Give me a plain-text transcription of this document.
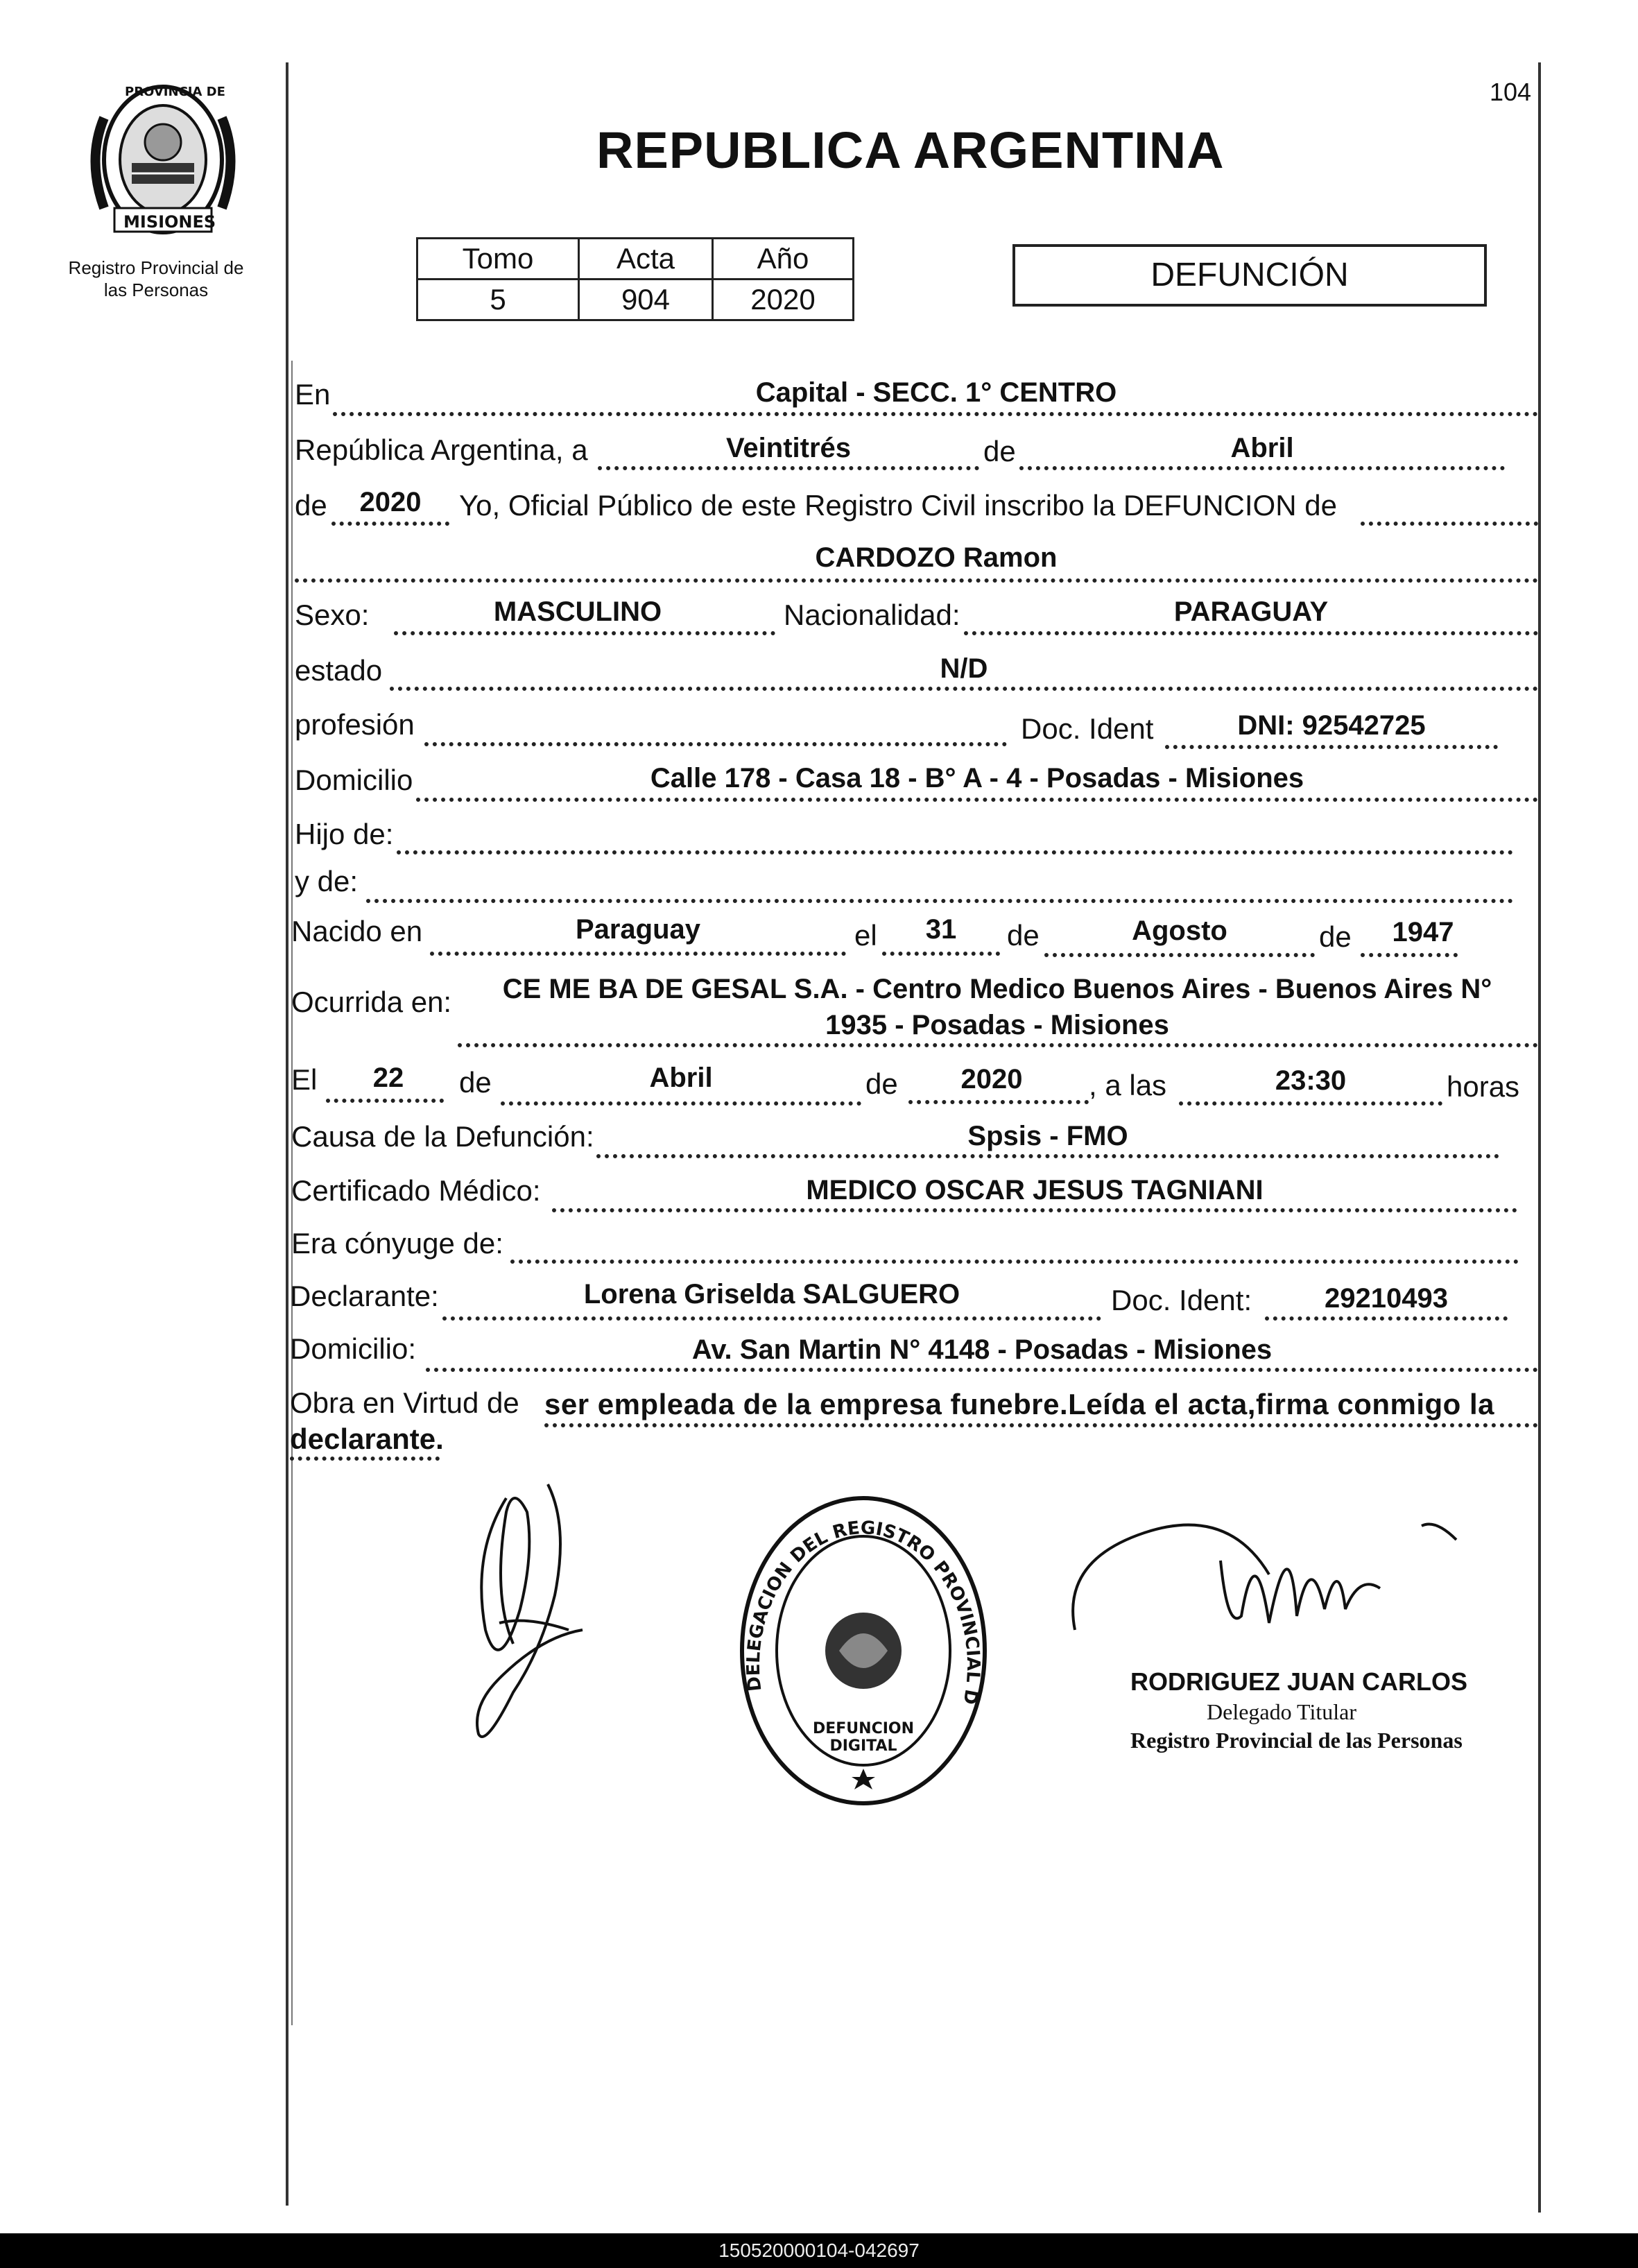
PROVINCIA DE
MISIONES
Registro Provincial de
las Personas
104
REPUBLICA ARGENTINA
Tomo	Acta	Año
5	904	2020
DEFUNCIÓN
En	Capital - SECC. 1° CENTRO
República Argentina, a	Veintitrés	de	Abril
de	2020	Yo, Oficial Público de este Registro Civil inscribo la DEFUNCION de
CARDOZO Ramon
Sexo:	MASCULINO	Nacionalidad:	PARAGUAY
estado	N/D
profesión	Doc. Ident	DNI: 92542725
Domicilio	Calle 178 - Casa 18 - B° A - 4 - Posadas - Misiones
Hijo de:
y de:
Nacido en	Paraguay	el	31	de	Agosto	de	1947
Ocurrida en:	CE ME BA DE GESAL S.A. - Centro Medico Buenos Aires - Buenos Aires N°
1935 - Posadas - Misiones
El	22	de	Abril	de	2020	, a las	23:30	horas
Causa de la Defunción:	Spsis - FMO
Certificado Médico:	MEDICO OSCAR JESUS TAGNIANI
Era cónyuge de:
Declarante:	Lorena Griselda SALGUERO	Doc. Ident:	29210493
Domicilio:	Av. San Martin N° 4148 - Posadas - Misiones
Obra en Virtud de ser empleada de la empresa funebre.Leída el acta,firma conmigo la
declarante.
DELEGACION DEL REGISTRO PROVINCIAL D
DEFUNCION DIGITAL
RODRIGUEZ JUAN CARLOS
Delegado Titular
Registro Provincial de las Personas
150520000104-042697
